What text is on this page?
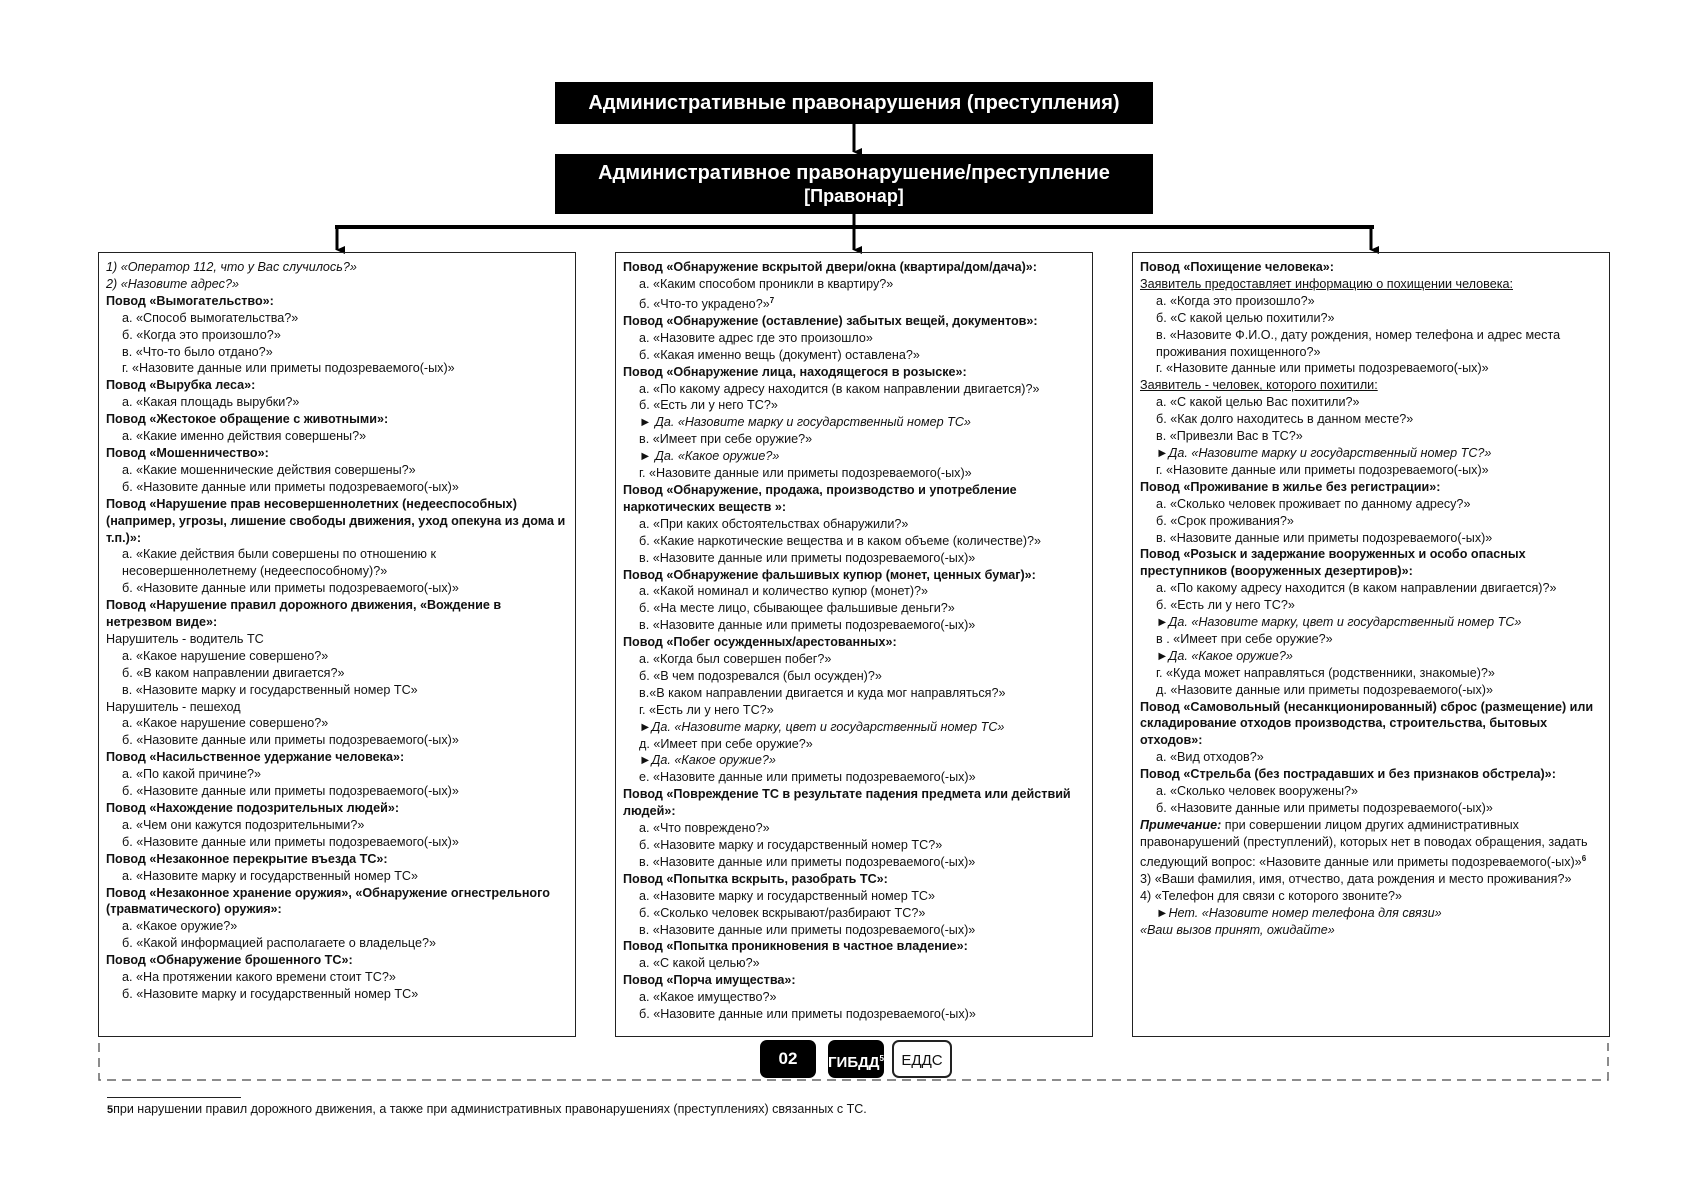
Административные правонарушения (преступления)
Административное правонарушение/преступление
[Правонар]
1) «Оператор 112, что у Вас случилось?»
2) «Назовите адрес?»
Повод «Вымогательство»:
а. «Способ вымогательства?»
б. «Когда это произошло?»
в. «Что-то было отдано?»
г. «Назовите данные или приметы подозреваемого(-ых)»
Повод «Вырубка леса»:
а. «Какая площадь вырубки?»
Повод «Жестокое обращение с животными»:
а. «Какие именно действия совершены?»
Повод «Мошенничество»:
а. «Какие мошеннические действия совершены?»
б. «Назовите данные или приметы подозреваемого(-ых)»
Повод «Нарушение прав несовершеннолетних (недееспособных) (например, угрозы, лишение свободы движения, уход опекуна из дома и т.п.)»:
а. «Какие действия были совершены по отношению к несовершеннолетнему (недееспособному)?»
б. «Назовите данные или приметы подозреваемого(-ых)»
Повод «Нарушение правил дорожного движения, «Вождение в нетрезвом виде»:
Нарушитель - водитель ТС
а. «Какое нарушение совершено?»
б. «В каком направлении двигается?»
в. «Назовите марку и государственный номер ТС»
Нарушитель - пешеход
а. «Какое нарушение совершено?»
б. «Назовите данные или приметы подозреваемого(-ых)»
Повод «Насильственное удержание человека»:
а. «По какой причине?»
б. «Назовите данные или приметы подозреваемого(-ых)»
Повод «Нахождение подозрительных людей»:
а. «Чем они кажутся подозрительными?»
б. «Назовите данные или приметы подозреваемого(-ых)»
Повод «Незаконное перекрытие въезда ТС»:
а. «Назовите марку и государственный номер ТС»
Повод «Незаконное хранение оружия», «Обнаружение огнестрельного (травматического) оружия»:
а. «Какое оружие?»
б. «Какой информацией располагаете о владельце?»
Повод «Обнаружение брошенного ТС»:
а. «На протяжении какого времени стоит ТС?»
б. «Назовите марку и государственный номер ТС»
Повод «Обнаружение вскрытой двери/окна (квартира/дом/дача)»:
а. «Каким способом проникли в квартиру?»
б. «Что-то украдено?»$^7$
Повод «Обнаружение (оставление) забытых вещей, документов»:
а. «Назовите адрес где это произошло»
б. «Какая именно вещь (документ) оставлена?»
Повод «Обнаружение лица, находящегося в розыске»:
а. «По какому адресу находится (в каком направлении двигается)?»
б. «Есть ли у него ТС?»
► Да. «Назовите марку и государственный номер ТС»
в. «Имеет при себе оружие?»
► Да. «Какое оружие?»
г. «Назовите данные или приметы подозреваемого(-ых)»
Повод «Обнаружение, продажа, производство и употребление наркотических веществ »:
а. «При каких обстоятельствах обнаружили?»
б. «Какие наркотические вещества и в каком объеме (количестве)?»
в. «Назовите данные или приметы подозреваемого(-ых)»
Повод «Обнаружение фальшивых купюр (монет, ценных бумаг)»:
а. «Какой номинал и количество купюр (монет)?»
б. «На месте лицо, сбывающее фальшивые деньги?»
в. «Назовите данные или приметы подозреваемого(-ых)»
Повод «Побег осужденных/арестованных»:
а. «Когда был совершен побег?»
б. «В чем подозревался (был осужден)?»
в.«В каком направлении двигается и куда мог направляться?»
г. «Есть ли у него ТС?»
►Да. «Назовите марку, цвет и государственный номер ТС»
д. «Имеет при себе оружие?»
►Да. «Какое оружие?»
е. «Назовите данные или приметы подозреваемого(-ых)»
Повод «Повреждение ТС в результате падения предмета или действий людей»:
а. «Что повреждено?»
б. «Назовите марку и государственный номер ТС?»
в. «Назовите данные или приметы подозреваемого(-ых)»
Повод «Попытка вскрыть, разобрать ТС»:
а. «Назовите марку и государственный номер ТС»
б. «Сколько человек вскрывают/разбирают ТС?»
в. «Назовите данные или приметы подозреваемого(-ых)»
Повод «Попытка проникновения в частное владение»:
а. «С какой целью?»
Повод «Порча имущества»:
а. «Какое имущество?»
б. «Назовите данные или приметы подозреваемого(-ых)»
Повод «Похищение человека»:
Заявитель предоставляет информацию о похищении человека:
а. «Когда это произошло?»
б. «С какой целью похитили?»
в. «Назовите Ф.И.О., дату рождения, номер телефона и адрес места проживания похищенного?»
г. «Назовите данные или приметы подозреваемого(-ых)»
Заявитель - человек, которого похитили:
а. «С какой целью Вас похитили?»
б. «Как долго находитесь в данном месте?»
в. «Привезли Вас в ТС?»
►Да. «Назовите марку и государственный номер ТС?»
г. «Назовите данные или приметы подозреваемого(-ых)»
Повод «Проживание в жилье без регистрации»:
а. «Сколько человек проживает по данному адресу?»
б. «Срок проживания?»
в. «Назовите данные или приметы подозреваемого(-ых)»
Повод «Розыск и задержание вооруженных и особо опасных преступников (вооруженных дезертиров)»:
а. «По какому адресу находится (в каком направлении двигается)?»
б. «Есть ли у него ТС?»
►Да. «Назовите марку, цвет и государственный номер ТС»
в . «Имеет при себе оружие?»
►Да. «Какое оружие?»
г. «Куда может направляться (родственники, знакомые)?»
д. «Назовите данные или приметы подозреваемого(-ых)»
Повод «Самовольный (несанкционированный) сброс (размещение) или складирование отходов производства, строительства, бытовых отходов»:
а. «Вид отходов?»
Повод «Стрельба (без пострадавших и без признаков обстрела)»:
а. «Сколько человек вооружены?»
б. «Назовите данные или приметы подозреваемого(-ых)»
Примечание: при совершении лицом других административных правонарушений (преступлений), которых нет в поводах обращения, задать следующий вопрос: «Назовите данные или приметы подозреваемого(-ых)»$^6$
3) «Ваши фамилия, имя, отчество, дата рождения и место проживания?»
4) «Телефон для связи с которого звоните?»
►Нет. «Назовите номер телефона для связи»
«Ваш вызов принят, ожидайте»
02	ГИБДД$^5$	ЕДДС
5при нарушении правил дорожного движения, а также при административных правонарушениях (преступлениях) связанных с ТС.
